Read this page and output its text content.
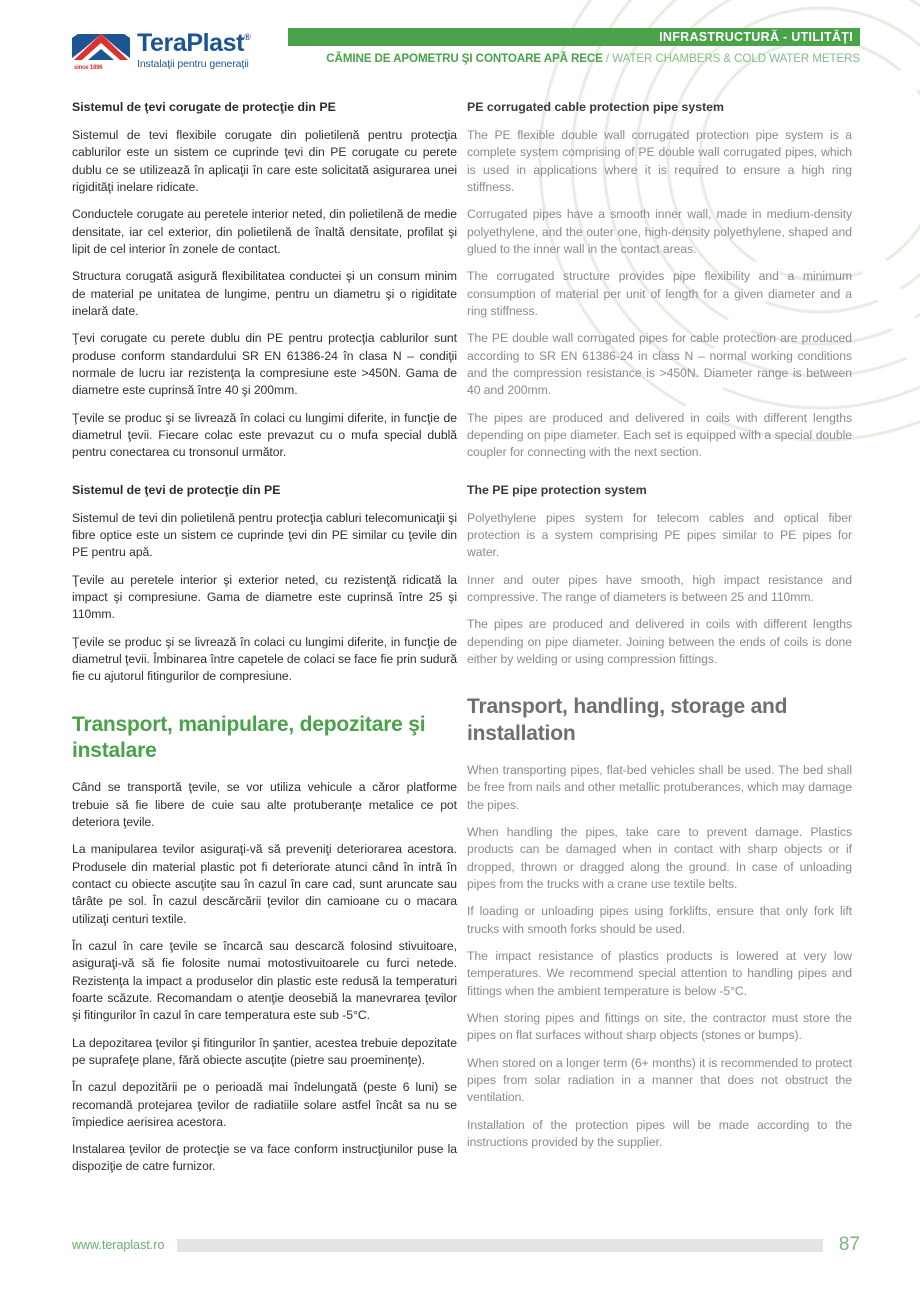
since 1896
TeraPlast®
Instalaţii pentru generaţii
INFRASTRUCTURĂ - UTILITĂŢI
CĂMINE DE APOMETRU ŞI CONTOARE APĂ RECE / WATER CHAMBERS & COLD WATER METERS
Sistemul de ţevi corugate de protecţie din PE

Sistemul de tevi flexibile corugate din polietilenă pentru protecţia cablurilor este un sistem ce cuprinde ţevi din PE corugate cu perete dublu ce se utilizează în aplicaţii în care este solicitată asigurarea unei rigidităţi inelare ridicate.

Conductele corugate au peretele interior neted, din polietilenă de medie densitate, iar cel exterior, din polietilenă de înaltă densitate, profilat şi lipit de cel interior în zonele de contact.

Structura corugată asigură flexibilitatea conductei şi un consum minim de material pe unitatea de lungime, pentru un diametru şi o rigiditate inelară date.

Ţevi corugate cu perete dublu din PE pentru protecţia cablurilor sunt produse conform standardului SR EN 61386-24 în clasa N – condiţii normale de lucru iar rezistenţa la compresiune este >450N. Gama de diametre este cuprinsă între 40 şi 200mm.

Ţevile se produc şi se livrează în colaci cu lungimi diferite, in funcţie de diametrul ţevii. Fiecare colac este prevazut cu o mufa special dublă pentru conectarea cu tronsonul următor.

Sistemul de ţevi de protecţie din PE

Sistemul de tevi din polietilenă pentru protecţia cabluri telecomunicaţii şi fibre optice este un sistem ce cuprinde ţevi din PE similar cu ţevile din PE pentru apă.

Ţevile au peretele interior şi exterior neted, cu rezistenţă ridicată la impact şi compresiune. Gama de diametre este cuprinsă între 25 şi 110mm.

Ţevile se produc şi se livrează în colaci cu lungimi diferite, in funcţie de diametrul ţevii. Îmbinarea între capetele de colaci se face fie prin sudură fie cu ajutorul fitingurilor de compresiune.

Transport, manipulare, depozitare şi instalare

Când se transportă ţevile, se vor utiliza vehicule a căror platforme trebuie să fie libere de cuie sau alte protuberanţe metalice ce pot deteriora ţevile.

La manipularea tevilor asiguraţi-vă să preveniţi deteriorarea acestora. Produsele din material plastic pot fi deteriorate atunci când în intră în contact cu obiecte ascuţite sau în cazul în care cad, sunt aruncate sau târâte pe sol. În cazul descărcării ţevilor din camioane cu o macara utilizaţi centuri textile.

În cazul în care ţevile se încarcă sau descarcă folosind stivuitoare, asiguraţi-vă să fie folosite numai motostivuitoarele cu furci netede. Rezistenţa la impact a produselor din plastic este redusă la temperaturi foarte scăzute. Recomandam o atenţie deosebiă la manevrarea ţevilor şi fitingurilor în cazul în care temperatura este sub -5°C.

La depozitarea ţevilor şi fitingurilor în şantier, acestea trebuie depozitate pe suprafeţe plane, fără obiecte ascuţite (pietre sau proeminenţe).

În cazul depozitării pe o perioadă mai îndelungată (peste 6 luni) se recomandă protejarea ţevilor de radiatiile solare astfel încât sa nu se împiedice aerisirea acestora.

Instalarea ţevilor de protecţie se va face conform instrucţiunilor puse la dispoziţie de catre furnizor.

PE corrugated cable protection pipe system

The PE flexible double wall corrugated protection pipe system is a complete system comprising of PE double wall corrugated pipes, which is used in applications where it is required to ensure a high ring stiffness.

Corrugated pipes have a smooth inner wall, made in medium-density polyethylene, and the outer one, high-density polyethylene, shaped and glued to the inner wall in the contact areas.

The corrugated structure provides pipe flexibility and a minimum consumption of material per unit of length for a given diameter and a ring stiffness.

The PE double wall corrugated pipes for cable protection are produced according to SR EN 61386-24 in class N – normal working conditions and the compression resistance is >450N. Diameter range is between 40 and 200mm.

The pipes are produced and delivered in coils with different lengths depending on pipe diameter. Each set is equipped with a special double coupler for connecting with the next section.

The PE pipe protection system

Polyethylene pipes system for telecom cables and optical fiber protection is a system comprising PE pipes similar to PE pipes for water.

Inner and outer pipes have smooth, high impact resistance and compressive. The range of diameters is between 25 and 110mm.

The pipes are produced and delivered in coils with different lengths depending on pipe diameter. Joining between the ends of coils is done either by welding or using compression fittings.

Transport, handling, storage and installation

When transporting pipes, flat-bed vehicles shall be used. The bed shall be free from nails and other metallic protuberances, which may damage the pipes.

When handling the pipes, take care to prevent damage. Plastics products can be damaged when in contact with sharp objects or if dropped, thrown or dragged along the ground. In case of unloading pipes from the trucks with a crane use textile belts.

If loading or unloading pipes using forklifts, ensure that only fork lift trucks with smooth forks should be used.

The impact resistance of plastics products is lowered at very low temperatures. We recommend special attention to handling pipes and fittings when the ambient temperature is below -5°C.

When storing pipes and fittings on site, the contractor must store the pipes on flat surfaces without sharp objects (stones or bumps).

When stored on a longer term (6+ months) it is recommended to protect pipes from solar radiation in a manner that does not obstruct the ventilation.

Installation of the protection pipes will be made according to the instructions provided by the supplier.

www.teraplast.ro	87
